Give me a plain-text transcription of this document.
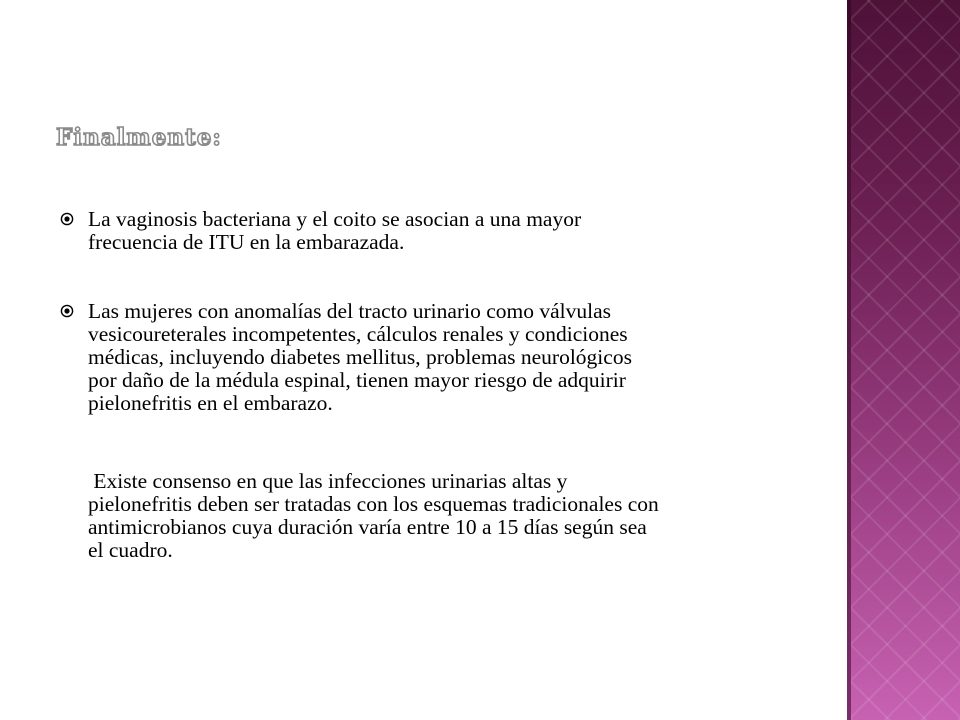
Finalmente:
La vaginosis bacteriana y el coito se asocian a una mayor
frecuencia de ITU en la embarazada.
Las mujeres con anomalías del tracto urinario como válvulas
vesicoureterales incompetentes, cálculos renales y condiciones
médicas, incluyendo diabetes mellitus, problemas neurológicos
por daño de la médula espinal, tienen mayor riesgo de adquirir
pielonefritis en el embarazo.
Existe consenso en que las infecciones urinarias altas y
pielonefritis deben ser tratadas con los esquemas tradicionales con
antimicrobianos cuya duración varía entre 10 a 15 días según sea
el cuadro.
